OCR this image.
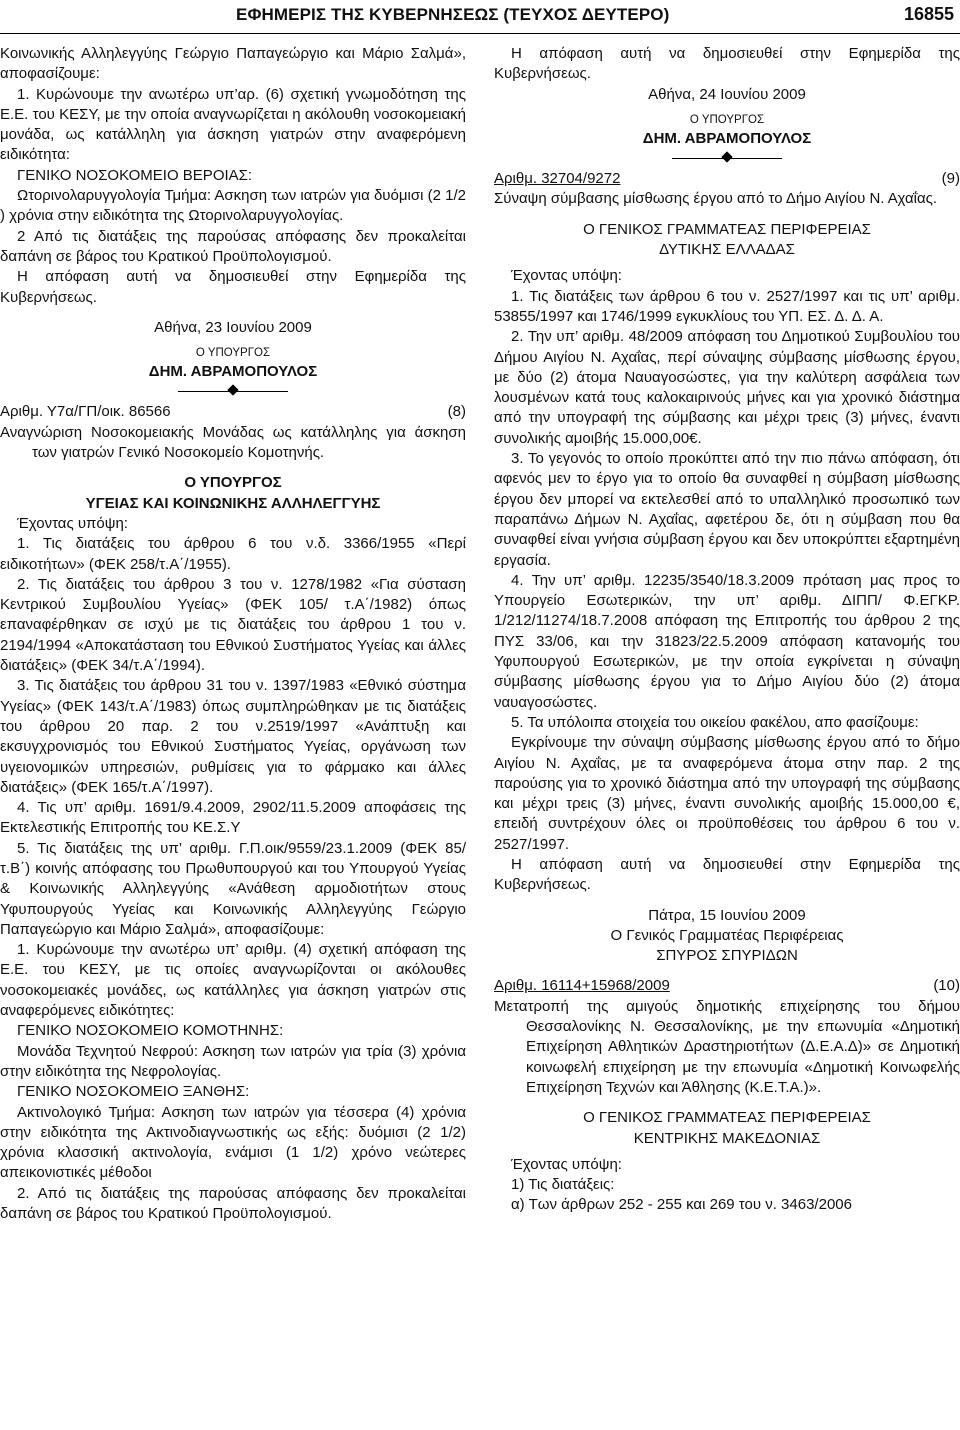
ΕΦΗΜΕΡΙΣ ΤΗΣ ΚΥΒΕΡΝΗΣΕΩΣ (ΤΕΥΧΟΣ ΔΕΥΤΕΡΟ)	16855

Κοινωνικής Αλληλεγγύης Γεώργιο Παπαγεώργιο και Μάριο Σαλμά», αποφασίζουμε:

1. Κυρώνουμε την ανωτέρω υπ’αρ. (6) σχετική γνωμοδότηση της Ε.Ε. του ΚΕΣΥ, με την οποία αναγνωρίζεται η ακόλουθη νοσοκομειακή μονάδα, ως κατάλληλη για άσκηση γιατρών στην αναφερόμενη ειδικότητα:

ΓΕΝΙΚΟ ΝΟΣΟΚΟΜΕΙΟ ΒΕΡΟΙΑΣ:

Ωτορινολαρυγγολογία Τμήμα: Ασκηση των ιατρών για δυόμισι (2 1/2 ) χρόνια στην ειδικότητα της Ωτορινολαρυγγολογίας.

2 Από τις διατάξεις της παρούσας απόφασης δεν προκαλείται δαπάνη σε βάρος του Κρατικού Προϋπολογισμού.

Η απόφαση αυτή να δημοσιευθεί στην Εφημερίδα της Κυβερνήσεως.

Αθήνα, 23 Ιουνίου 2009

Ο ΥΠΟΥΡΓΟΣ

ΔΗΜ. ΑΒΡΑΜΟΠΟΥΛΟΣ

Αριθμ. Υ7α/ΓΠ/οικ. 86566	(8)

Αναγνώριση Νοσοκομειακής Μονάδας ως κατάλληλης για άσκηση των γιατρών Γενικό Νοσοκομείο Κομοτηνής.

Ο ΥΠΟΥΡΓΟΣ

ΥΓΕΙΑΣ ΚΑΙ ΚΟΙΝΩΝΙΚΗΣ ΑΛΛΗΛΕΓΓΥΗΣ

Έχοντας υπόψη:

1. Τις διατάξεις του άρθρου 6 του ν.δ. 3366/1955 «Περί ειδικοτήτων» (ΦΕΚ 258/τ.Α΄/1955).

2. Τις διατάξεις του άρθρου 3 του ν. 1278/1982 «Για σύσταση Κεντρικού Συμβουλίου Υγείας» (ΦΕΚ 105/ τ.Α΄/1982) όπως επαναφέρθηκαν σε ισχύ με τις διατάξεις του άρθρου 1 του ν. 2194/1994 «Αποκατάσταση του Εθνικού Συστήματος Υγείας και άλλες διατάξεις» (ΦΕΚ 34/τ.Α΄/1994).

3. Τις διατάξεις του άρθρου 31 του ν. 1397/1983 «Εθνικό σύστημα Υγείας» (ΦΕΚ 143/τ.Α΄/1983) όπως συμπληρώθηκαν με τις διατάξεις του άρθρου 20 παρ. 2 του ν.2519/1997 «Ανάπτυξη και εκσυγχρονισμός του Εθνικού Συστήματος Υγείας, οργάνωση των υγειονομικών υπηρεσιών, ρυθμίσεις για το φάρμακο και άλλες διατάξεις» (ΦΕΚ 165/τ.Α΄/1997).

4. Τις υπ’ αριθμ. 1691/9.4.2009, 2902/11.5.2009 αποφάσεις της Εκτελεστικής Επιτροπής του ΚΕ.Σ.Υ

5. Τις διατάξεις της υπ’ αριθμ. Γ.Π.οικ/9559/23.1.2009 (ΦΕΚ 85/τ.Β΄) κοινής απόφασης του Πρωθυπουργού και του Υπουργού Υγείας & Κοινωνικής Αλληλεγγύης «Ανάθεση αρμοδιοτήτων στους Υφυπουργούς Υγείας και Κοινωνικής Αλληλεγγύης Γεώργιο Παπαγεώργιο και Μάριο Σαλμά», αποφασίζουμε:

1. Κυρώνουμε την ανωτέρω υπ’ αριθμ. (4) σχετική απόφαση της Ε.Ε. του ΚΕΣΥ, με τις οποίες αναγνωρίζονται οι ακόλουθες νοσοκομειακές μονάδες, ως κατάλληλες για άσκηση γιατρών στις αναφερόμενες ειδικότητες:

ΓΕΝΙΚΟ ΝΟΣΟΚΟΜΕΙΟ ΚΟΜΟΤΗΝΗΣ:

Μονάδα Τεχνητού Νεφρού: Ασκηση των ιατρών για τρία (3) χρόνια στην ειδικότητα της Νεφρολογίας.

ΓΕΝΙΚΟ ΝΟΣΟΚΟΜΕΙΟ ΞΑΝΘΗΣ:

Ακτινολογικό Τμήμα: Ασκηση των ιατρών για τέσσερα (4) χρόνια στην ειδικότητα της Ακτινοδιαγνωστικής ως εξής: δυόμισι (2 1/2) χρόνια κλασσική ακτινολογία, ενάμισι (1 1/2) χρόνο νεώτερες απεικονιστικές μέθοδοι

2. Από τις διατάξεις της παρούσας απόφασης δεν προκαλείται δαπάνη σε βάρος του Κρατικού Προϋπολογισμού.

Η απόφαση αυτή να δημοσιευθεί στην Εφημερίδα της Κυβερνήσεως.

Αθήνα, 24 Ιουνίου 2009

Ο ΥΠΟΥΡΓΟΣ

ΔΗΜ. ΑΒΡΑΜΟΠΟΥΛΟΣ

Αριθμ. 32704/9272	(9)

Σύναψη σύμβασης μίσθωσης έργου από το Δήμο Αιγίου Ν. Αχαΐας.

Ο ΓΕΝΙΚΟΣ ΓΡΑΜΜΑΤΕΑΣ ΠΕΡΙΦΕΡΕΙΑΣ

ΔΥΤΙΚΗΣ ΕΛΛΑΔΑΣ

Έχοντας υπόψη:

1. Τις διατάξεις των άρθρου 6 του ν. 2527/1997 και τις υπ’ αριθμ. 53855/1997 και 1746/1999 εγκυκλίους του ΥΠ. ΕΣ. Δ. Δ. Α.

2. Την υπ’ αριθμ. 48/2009 απόφαση του Δημοτικού Συμβουλίου του Δήμου Αιγίου Ν. Αχαΐας, περί σύναψης σύμβασης μίσθωσης έργου, με δύο (2) άτομα Ναυαγοσώστες, για την καλύτερη ασφάλεια των λουσμένων κατά τους καλοκαιρινούς μήνες και για χρονικό διάστημα από την υπογραφή της σύμβασης και μέχρι τρεις (3) μήνες, έναντι συνολικής αμοιβής 15.000,00€.

3. Το γεγονός το οποίο προκύπτει από την πιο πάνω απόφαση, ότι αφενός μεν το έργο για το οποίο θα συναφθεί η σύμβαση μίσθωσης έργου δεν μπορεί να εκτελεσθεί από το υπαλληλικό προσωπικό των παραπάνω Δήμων Ν. Αχαΐας, αφετέρου δε, ότι η σύμβαση που θα συναφθεί είναι γνήσια σύμβαση έργου και δεν υποκρύπτει εξαρτημένη εργασία.

4. Την υπ’ αριθμ. 12235/3540/18.3.2009 πρόταση μας προς το Υπουργείο Εσωτερικών, την υπ’ αριθμ. ΔΙΠΠ/ Φ.ΕΓΚΡ. 1/212/11274/18.7.2008 απόφαση της Επιτροπής του άρθρου 2 της ΠΥΣ 33/06, και την 31823/22.5.2009 απόφαση κατανομής του Υφυπουργού Εσωτερικών, με την οποία εγκρίνεται η σύναψη σύμβασης μίσθωσης έργου για το Δήμο Αιγίου δύο (2) άτομα ναυαγοσώστες.

5. Τα υπόλοιπα στοιχεία του οικείου φακέλου, απο φασίζουμε:

Εγκρίνουμε την σύναψη σύμβασης μίσθωσης έργου από το δήμο Αιγίου Ν. Αχαΐας, με τα αναφερόμενα άτομα στην παρ. 2 της παρούσης για το χρονικό διάστημα από την υπογραφή της σύμβασης και μέχρι τρεις (3) μήνες, έναντι συνολικής αμοιβής 15.000,00 €, επειδή συντρέχουν όλες οι προϋποθέσεις του άρθρου 6 του ν. 2527/1997.

Η απόφαση αυτή να δημοσιευθεί στην Εφημερίδα της Κυβερνήσεως.

Πάτρα, 15 Ιουνίου 2009

Ο Γενικός Γραμματέας Περιφέρειας

ΣΠΥΡΟΣ ΣΠΥΡΙΔΩΝ

Αριθμ. 16114+15968/2009	(10)

Μετατροπή της αμιγούς δημοτικής επιχείρησης του δήμου Θεσσαλονίκης Ν. Θεσσαλονίκης, με την επωνυμία «Δημοτική Επιχείρηση Αθλητικών Δραστηριοτήτων (Δ.Ε.Α.Δ)» σε Δημοτική κοινωφελή επιχείρηση με την επωνυμία «Δημοτική Κοινωφελής Επιχείρηση Τεχνών και Άθλησης (Κ.Ε.Τ.Α.)».

Ο ΓΕΝΙΚΟΣ ΓΡΑΜΜΑΤΕΑΣ ΠΕΡΙΦΕΡΕΙΑΣ

ΚΕΝΤΡΙΚΗΣ ΜΑΚΕΔΟΝΙΑΣ

Έχοντας υπόψη:

1) Τις διατάξεις:

α) Των άρθρων 252 - 255 και 269 του ν. 3463/2006
